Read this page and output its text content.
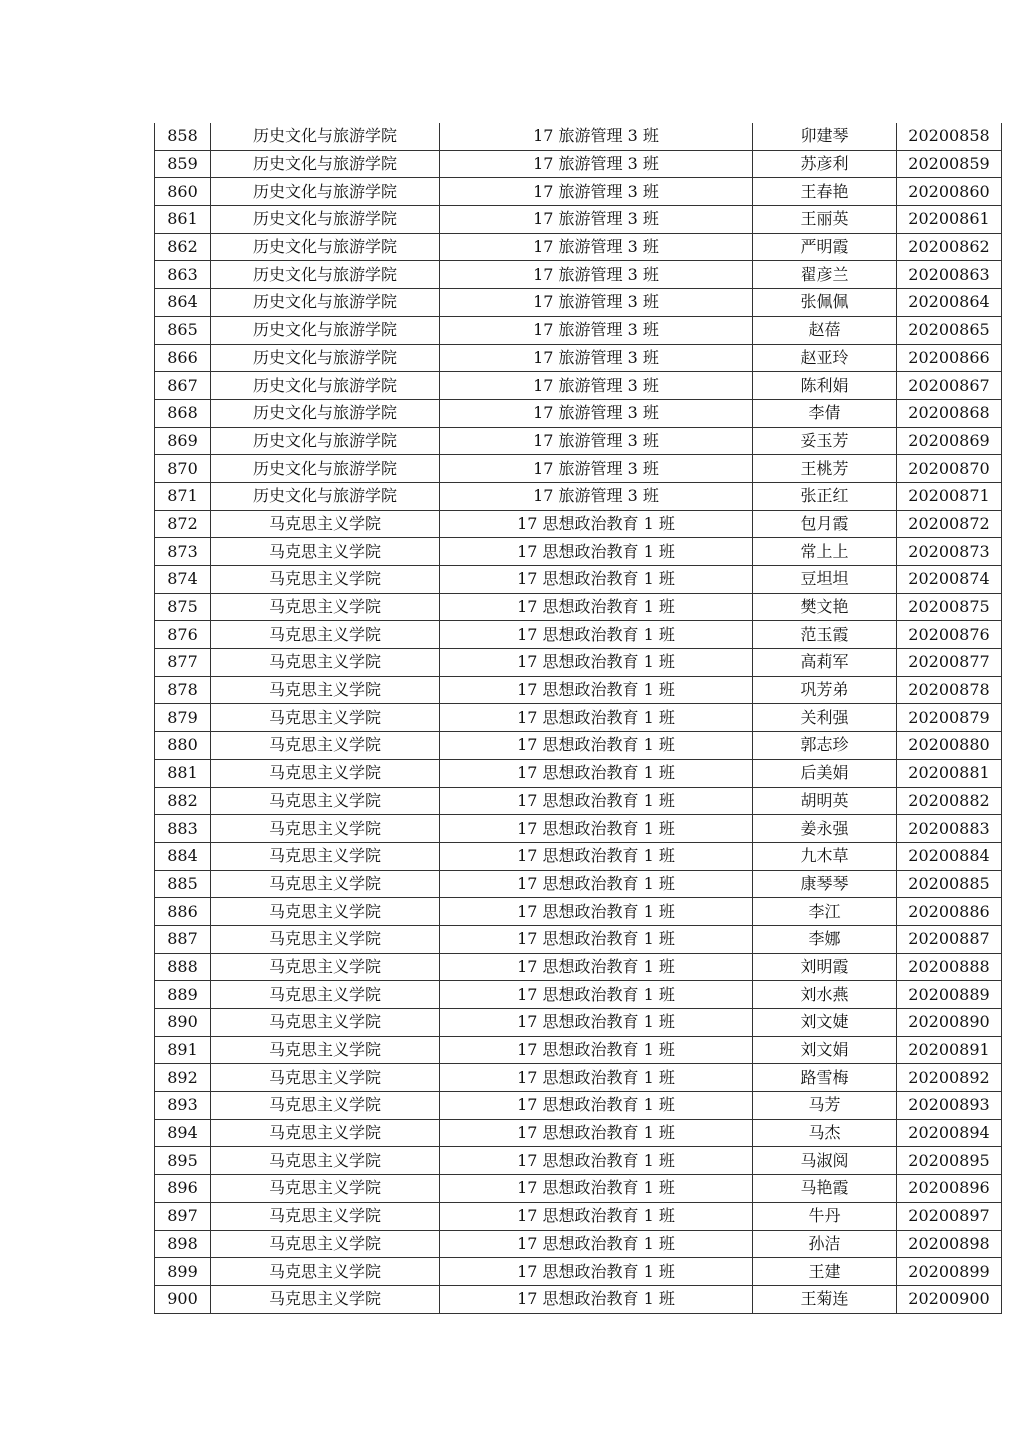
858	历史文化与旅游学院	17 旅游管理 3 班	卯建琴	20200858
859	历史文化与旅游学院	17 旅游管理 3 班	苏彦利	20200859
860	历史文化与旅游学院	17 旅游管理 3 班	王春艳	20200860
861	历史文化与旅游学院	17 旅游管理 3 班	王丽英	20200861
862	历史文化与旅游学院	17 旅游管理 3 班	严明霞	20200862
863	历史文化与旅游学院	17 旅游管理 3 班	翟彦兰	20200863
864	历史文化与旅游学院	17 旅游管理 3 班	张佩佩	20200864
865	历史文化与旅游学院	17 旅游管理 3 班	赵蓓	20200865
866	历史文化与旅游学院	17 旅游管理 3 班	赵亚玲	20200866
867	历史文化与旅游学院	17 旅游管理 3 班	陈利娟	20200867
868	历史文化与旅游学院	17 旅游管理 3 班	李倩	20200868
869	历史文化与旅游学院	17 旅游管理 3 班	妥玉芳	20200869
870	历史文化与旅游学院	17 旅游管理 3 班	王桃芳	20200870
871	历史文化与旅游学院	17 旅游管理 3 班	张正红	20200871
872	马克思主义学院	17 思想政治教育 1 班	包月霞	20200872
873	马克思主义学院	17 思想政治教育 1 班	常上上	20200873
874	马克思主义学院	17 思想政治教育 1 班	豆坦坦	20200874
875	马克思主义学院	17 思想政治教育 1 班	樊文艳	20200875
876	马克思主义学院	17 思想政治教育 1 班	范玉霞	20200876
877	马克思主义学院	17 思想政治教育 1 班	高莉军	20200877
878	马克思主义学院	17 思想政治教育 1 班	巩芳弟	20200878
879	马克思主义学院	17 思想政治教育 1 班	关利强	20200879
880	马克思主义学院	17 思想政治教育 1 班	郭志珍	20200880
881	马克思主义学院	17 思想政治教育 1 班	后美娟	20200881
882	马克思主义学院	17 思想政治教育 1 班	胡明英	20200882
883	马克思主义学院	17 思想政治教育 1 班	姜永强	20200883
884	马克思主义学院	17 思想政治教育 1 班	九木草	20200884
885	马克思主义学院	17 思想政治教育 1 班	康琴琴	20200885
886	马克思主义学院	17 思想政治教育 1 班	李江	20200886
887	马克思主义学院	17 思想政治教育 1 班	李娜	20200887
888	马克思主义学院	17 思想政治教育 1 班	刘明霞	20200888
889	马克思主义学院	17 思想政治教育 1 班	刘水燕	20200889
890	马克思主义学院	17 思想政治教育 1 班	刘文婕	20200890
891	马克思主义学院	17 思想政治教育 1 班	刘文娟	20200891
892	马克思主义学院	17 思想政治教育 1 班	路雪梅	20200892
893	马克思主义学院	17 思想政治教育 1 班	马芳	20200893
894	马克思主义学院	17 思想政治教育 1 班	马杰	20200894
895	马克思主义学院	17 思想政治教育 1 班	马淑阅	20200895
896	马克思主义学院	17 思想政治教育 1 班	马艳霞	20200896
897	马克思主义学院	17 思想政治教育 1 班	牛丹	20200897
898	马克思主义学院	17 思想政治教育 1 班	孙洁	20200898
899	马克思主义学院	17 思想政治教育 1 班	王建	20200899
900	马克思主义学院	17 思想政治教育 1 班	王菊连	20200900
